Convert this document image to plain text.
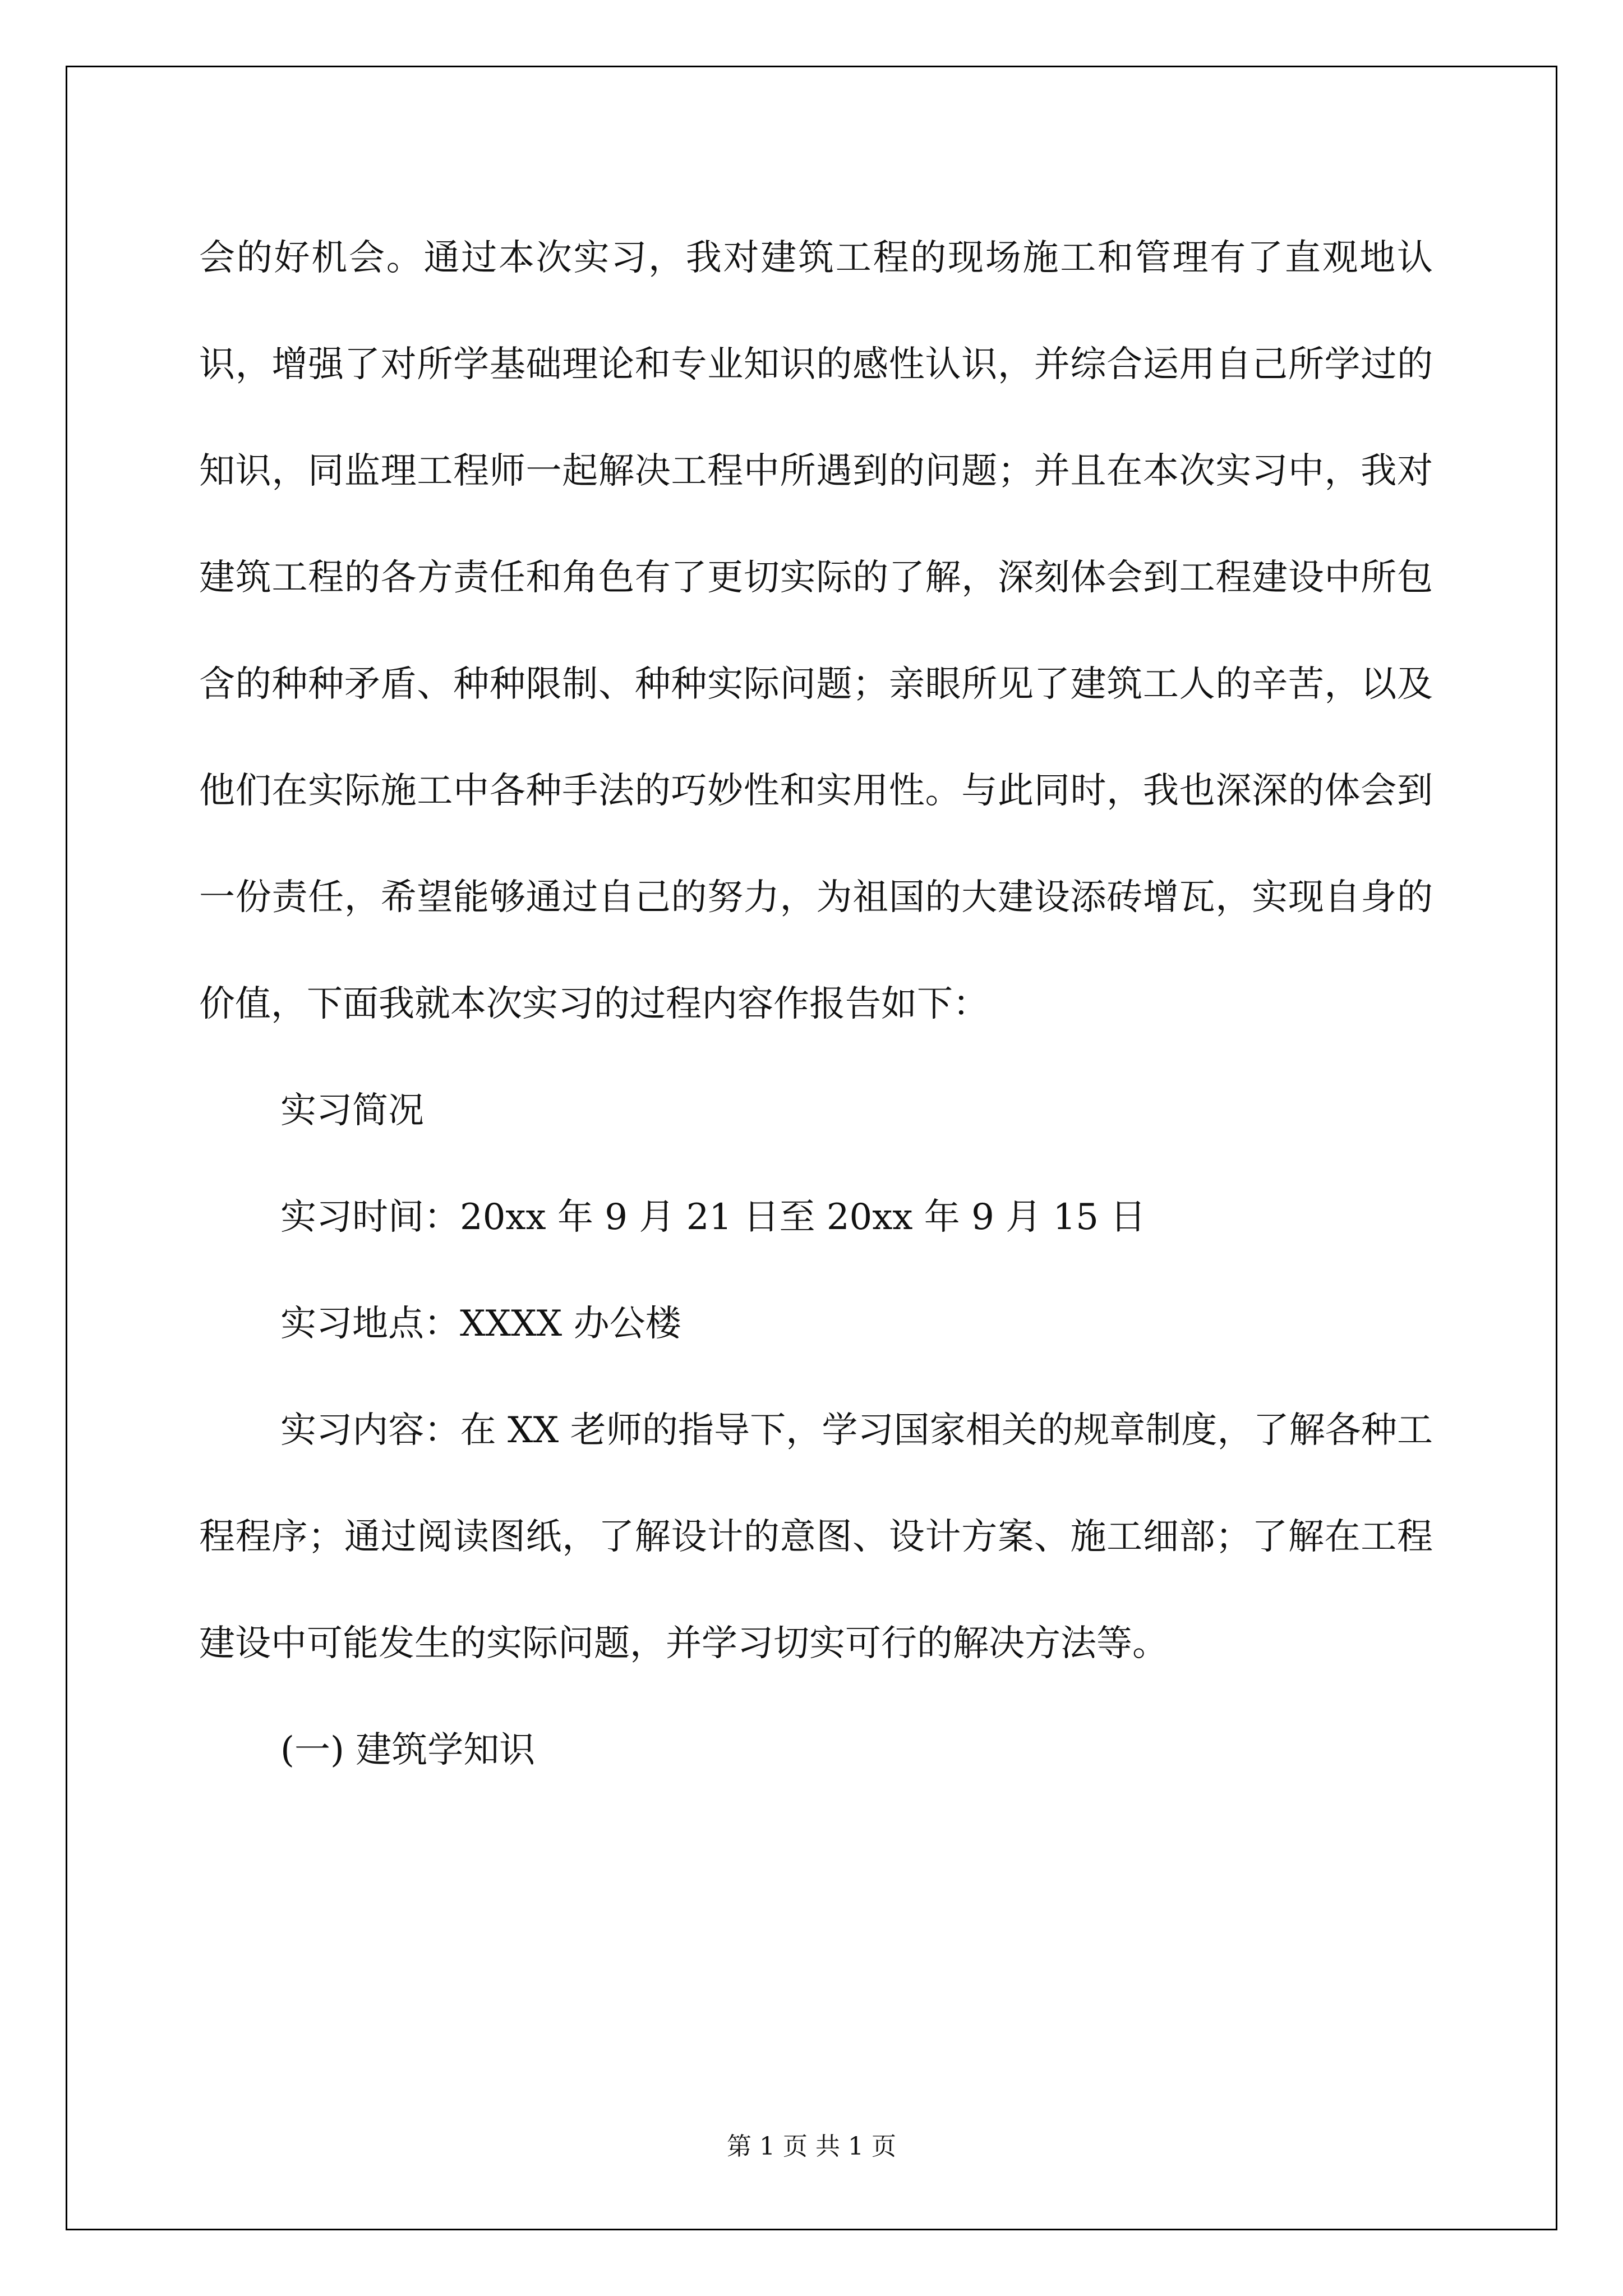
会的好机会。通过本次实习，我对建筑工程的现场施工和管理有了直观地认识，增强了对所学基础理论和专业知识的感性认识，并综合运用自己所学过的知识，同监理工程师一起解决工程中所遇到的问题；并且在本次实习中，我对建筑工程的各方责任和角色有了更切实际的了解，深刻体会到工程建设中所包含的种种矛盾、种种限制、种种实际问题；亲眼所见了建筑工人的辛苦，以及他们在实际施工中各种手法的巧妙性和实用性。与此同时，我也深深的体会到一份责任，希望能够通过自己的努力，为祖国的大建设添砖增瓦，实现自身的价值，下面我就本次实习的过程内容作报告如下：

实习简况

实习时间：20xx 年 9 月 21 日至 20xx 年 9 月 15 日

实习地点：XXXX 办公楼

实习内容：在 XX 老师的指导下，学习国家相关的规章制度，了解各种工程程序；通过阅读图纸，了解设计的意图、设计方案、施工细部；了解在工程建设中可能发生的实际问题，并学习切实可行的解决方法等。

(一) 建筑学知识

第 1 页 共 1 页
